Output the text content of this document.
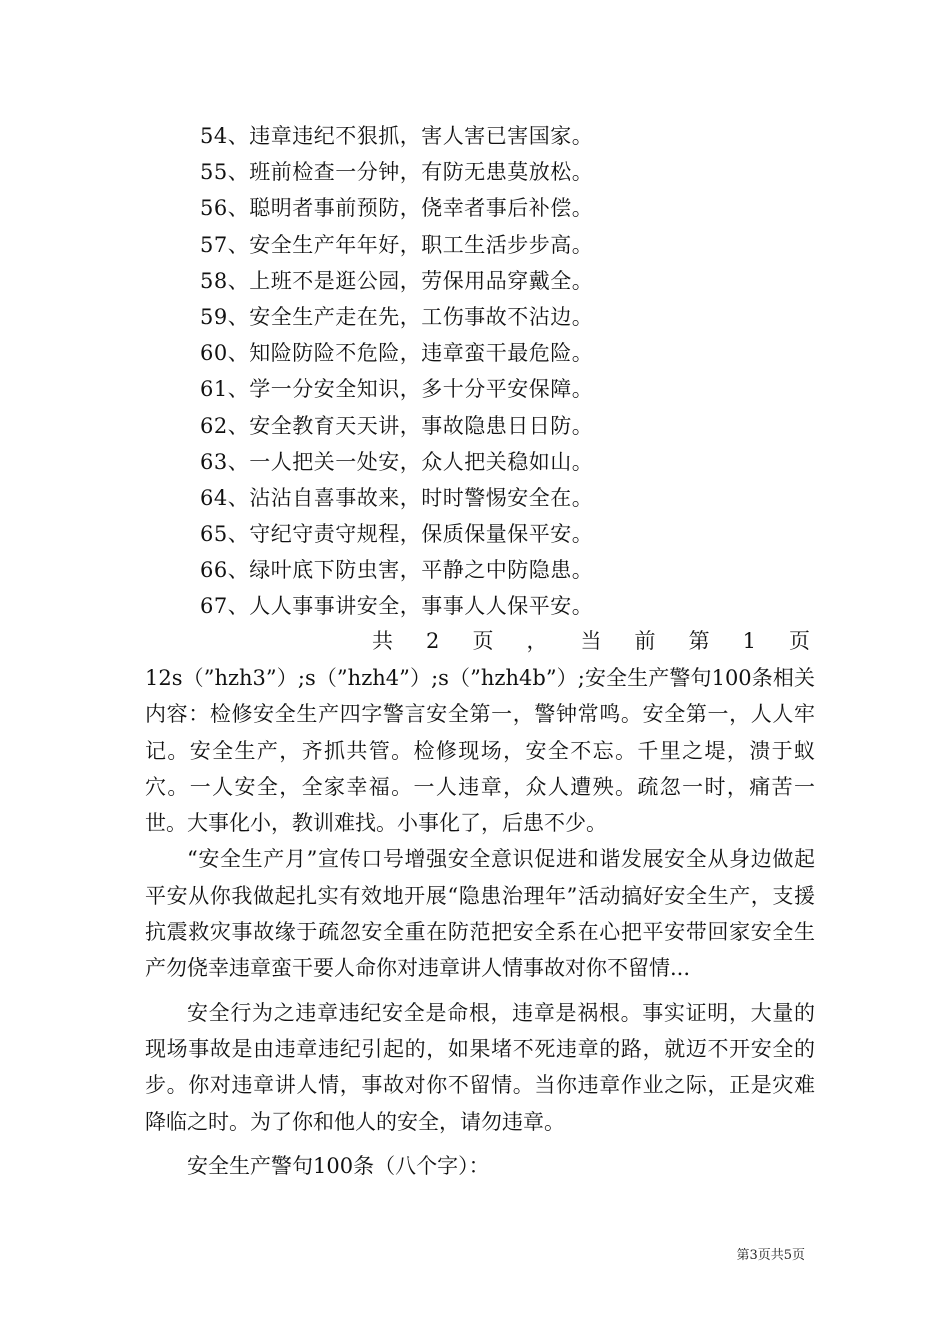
54、违章违纪不狠抓，害人害已害国家。
55、班前检查一分钟，有防无患莫放松。
56、聪明者事前预防，侥幸者事后补偿。
57、安全生产年年好，职工生活步步高。
58、上班不是逛公园，劳保用品穿戴全。
59、安全生产走在先，工伤事故不沾边。
60、知险防险不危险，违章蛮干最危险。
61、学一分安全知识，多十分平安保障。
62、安全教育天天讲，事故隐患日日防。
63、一人把关一处安，众人把关稳如山。
64、沾沾自喜事故来，时时警惕安全在。
65、守纪守责守规程，保质保量保平安。
66、绿叶底下防虫害，平静之中防隐患。
67、人人事事讲安全，事事人人保平安。
共 2 页 ， 当 前 第 1 页

12s（”hzh3”）;s（”hzh4”）;s（”hzh4b”）;安全生产警句100条相关内容：检修安全生产四字警言安全第一，警钟常鸣。安全第一，人人牢记。安全生产，齐抓共管。检修现场，安全不忘。千里之堤，溃于蚁穴。一人安全，全家幸福。一人违章，众人遭殃。疏忽一时，痛苦一世。大事化小，教训难找。小事化了，后患不少。

“安全生产月”宣传口号增强安全意识促进和谐发展安全从身边做起平安从你我做起扎实有效地开展“隐患治理年”活动搞好安全生产，支援抗震救灾事故缘于疏忽安全重在防范把安全系在心把平安带回家安全生产勿侥幸违章蛮干要人命你对违章讲人情事故对你不留情...

安全行为之违章违纪安全是命根，违章是祸根。事实证明，大量的现场事故是由违章违纪引起的，如果堵不死违章的路，就迈不开安全的步。你对违章讲人情，事故对你不留情。当你违章作业之际，正是灾难降临之时。为了你和他人的安全，请勿违章。

安全生产警句100条（八个字）：

第3页共5页
